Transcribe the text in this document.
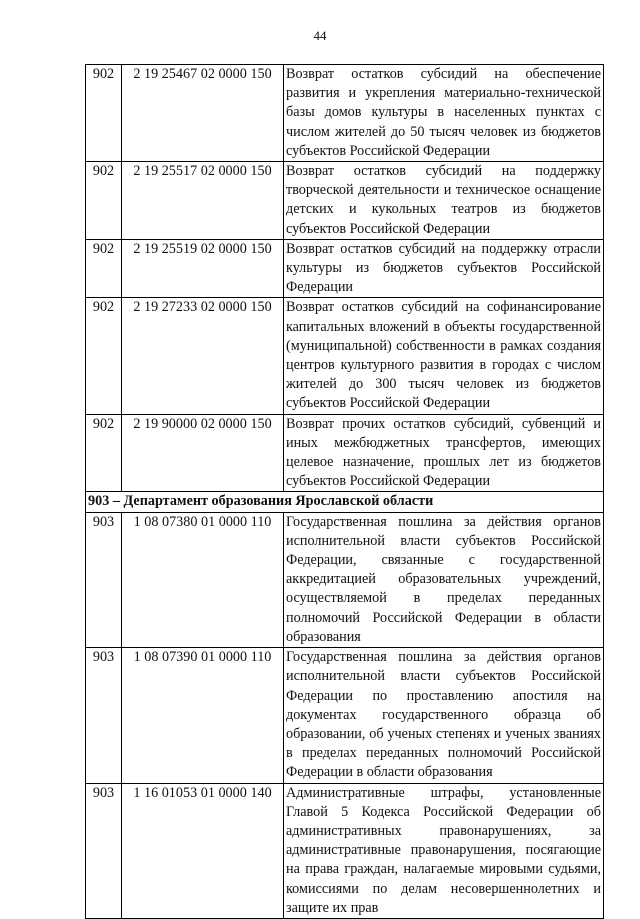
44
902	2 19 25467 02 0000 150	Возврат остатков субсидий на обеспечение развития и укрепления материально-технической базы домов культуры в населенных пунктах с числом жителей до 50 тысяч человек из бюджетов субъектов Российской Федерации

902	2 19 25517 02 0000 150	Возврат остатков субсидий на поддержку творческой деятельности и техническое оснащение детских и кукольных театров из бюджетов субъектов Российской Федерации

902	2 19 25519 02 0000 150	Возврат остатков субсидий на поддержку отрасли культуры из бюджетов субъектов Российской Федерации

902	2 19 27233 02 0000 150	Возврат остатков субсидий на софинансирование капитальных вложений в объекты государственной (муниципальной) собственности в рамках создания центров культурного развития в городах с числом жителей до 300 тысяч человек из бюджетов субъектов Российской Федерации

902	2 19 90000 02 0000 150	Возврат прочих остатков субсидий, субвенций и иных межбюджетных трансфертов, имеющих целевое назначение, прошлых лет из бюджетов субъектов Российской Федерации

903 – Департамент образования Ярославской области		
903	1 08 07380 01 0000 110	Государственная пошлина за действия органов исполнительной власти субъектов Российской Федерации, связанные с государственной аккредитацией образовательных учреждений, осуществляемой в пределах переданных полномочий Российской Федерации в области образования

903	1 08 07390 01 0000 110	Государственная пошлина за действия органов исполнительной власти субъектов Российской Федерации по проставлению апостиля на документах государственного образца об образовании, об ученых степенях и ученых званиях в пределах переданных полномочий Российской Федерации в области образования

903	1 16 01053 01 0000 140	Административные штрафы, установленные Главой 5 Кодекса Российской Федерации об административных правонарушениях, за административные правонарушения, посягающие на права граждан, налагаемые мировыми судьями, комиссиями по делам несовершеннолетних и защите их прав
